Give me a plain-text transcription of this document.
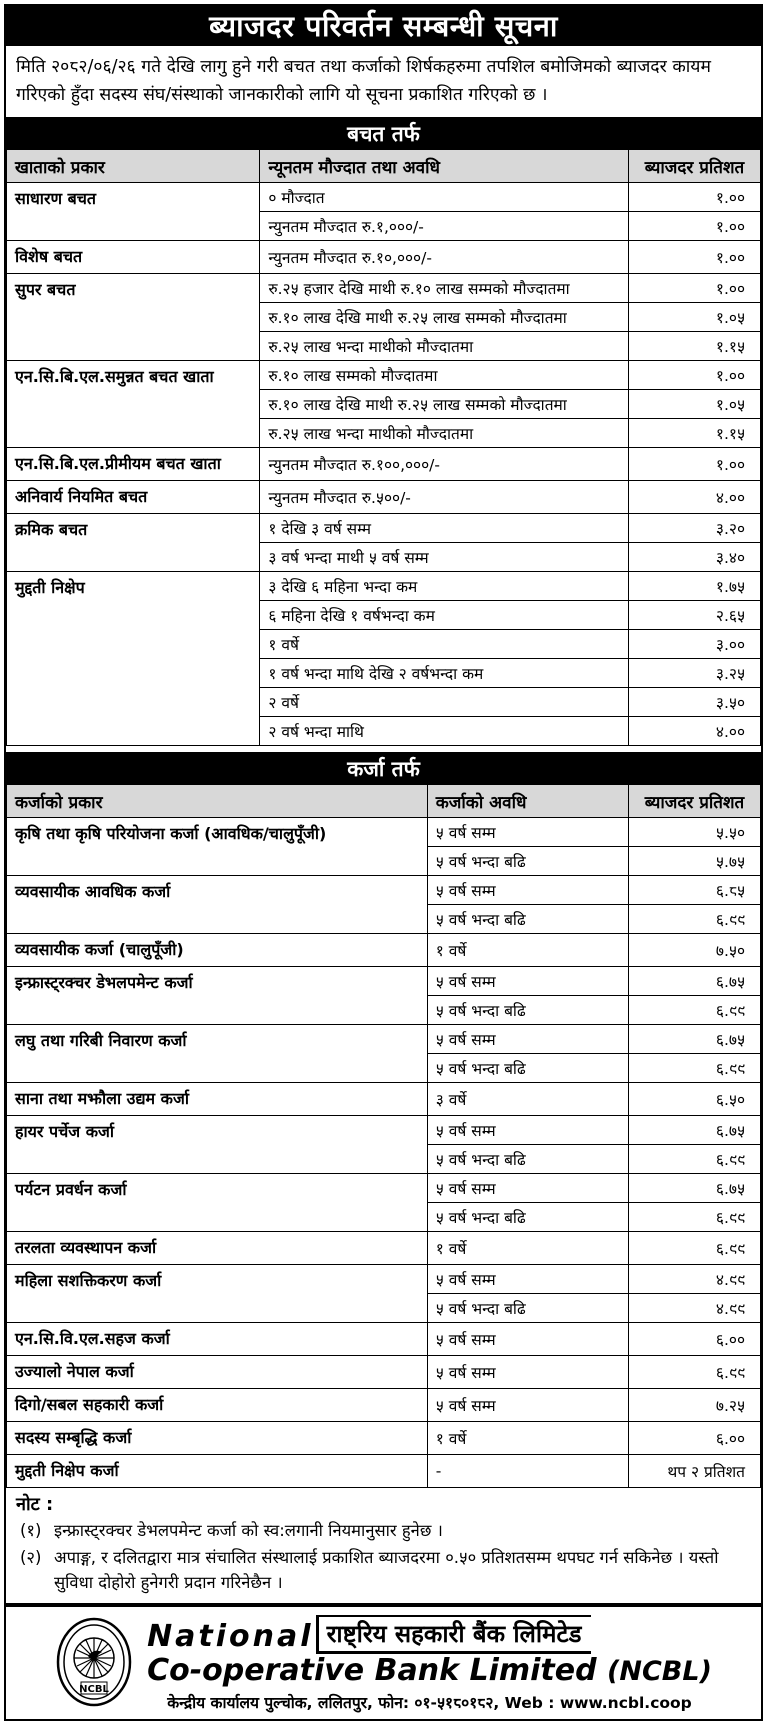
ब्याजदर परिवर्तन सम्बन्धी सूचना
मिति २०८२/०६/२६ गते देखि लागु हुने गरी बचत तथा कर्जाको शिर्षकहरुमा तपशिल बमोजिमको ब्याजदर कायम गरिएको हुँदा सदस्य संघ/संस्थाको जानकारीको लागि यो सूचना प्रकाशित गरिएको छ ।
बचत तर्फ
खाताको प्रकार	न्यूनतम मौज्दात तथा अवधि	ब्याजदर प्रतिशत
साधारण बचत	० मौज्दात	१.००
	न्युनतम मौज्दात रु.१,०००/-	१.००
विशेष बचत	न्युनतम मौज्दात रु.१०,०००/-	१.००
सुपर बचत	रु.२५ हजार देखि माथी रु.१० लाख सम्मको मौज्दातमा	१.००
	रु.१० लाख देखि माथी रु.२५ लाख सम्मको मौज्दातमा	१.०५
	रु.२५ लाख भन्दा माथीको मौज्दातमा	१.१५
एन.सि.बि.एल.समुन्नत बचत खाता	रु.१० लाख सम्मको मौज्दातमा	१.००
	रु.१० लाख देखि माथी रु.२५ लाख सम्मको मौज्दातमा	१.०५
	रु.२५ लाख भन्दा माथीको मौज्दातमा	१.१५
एन.सि.बि.एल.प्रीमीयम बचत खाता	न्युनतम मौज्दात रु.१००,०००/-	१.००
अनिवार्य नियमित बचत	न्युनतम मौज्दात रु.५००/-	४.००
क्रमिक बचत	१ देखि ३ वर्ष सम्म	३.२०
	३ वर्ष भन्दा माथी ५ वर्ष सम्म	३.४०
मुद्दती निक्षेप	३ देखि ६ महिना भन्दा कम	१.७५
	६ महिना देखि १ वर्षभन्दा कम	२.६५
	१ वर्षे	३.००
	१ वर्ष भन्दा माथि देखि २ वर्षभन्दा कम	३.२५
	२ वर्षे	३.५०
	२ वर्ष भन्दा माथि	४.००
कर्जा तर्फ
कर्जाको प्रकार	कर्जाको अवधि	ब्याजदर प्रतिशत
कृषि तथा कृषि परियोजना कर्जा (आवधिक/चालुपूँजी)	५ वर्ष सम्म	५.५०
	५ वर्ष भन्दा बढि	५.७५
व्यवसायीक आवधिक कर्जा	५ वर्ष सम्म	६.८५
	५ वर्ष भन्दा बढि	६.९९
व्यवसायीक कर्जा (चालुपूँजी)	१ वर्षे	७.५०
इन्फ्रास्ट्रक्चर डेभलपमेन्ट कर्जा	५ वर्ष सम्म	६.७५
	५ वर्ष भन्दा बढि	६.९९
लघु तथा गरिबी निवारण कर्जा	५ वर्ष सम्म	६.७५
	५ वर्ष भन्दा बढि	६.९९
साना तथा मझौला उद्यम कर्जा	३ वर्षे	६.५०
हायर पर्चेज कर्जा	५ वर्ष सम्म	६.७५
	५ वर्ष भन्दा बढि	६.९९
पर्यटन प्रवर्धन कर्जा	५ वर्ष सम्म	६.७५
	५ वर्ष भन्दा बढि	६.९९
तरलता व्यवस्थापन कर्जा	१ वर्षे	६.९९
महिला सशक्तिकरण कर्जा	५ वर्ष सम्म	४.९९
	५ वर्ष भन्दा बढि	४.९९
एन.सि.वि.एल.सहज कर्जा	५ वर्ष सम्म	६.००
उज्यालो नेपाल कर्जा	५ वर्ष सम्म	६.९९
दिगो/सबल सहकारी कर्जा	५ वर्ष सम्म	७.२५
सदस्य सम्बृद्धि कर्जा	१ वर्षे	६.००
मुद्दती निक्षेप कर्जा	-	थप २ प्रतिशत
नोट :
(१) इन्फ्रास्ट्रक्चर डेभलपमेन्ट कर्जा को स्व:लगानी नियमानुसार हुनेछ ।
(२) अपाङ्ग, र दलितद्वारा मात्र संचालित संस्थालाई प्रकाशित ब्याजदरमा ०.५० प्रतिशतसम्म थपघट गर्न सकिनेछ । यस्तो सुविधा दोहोरो हुनेगरी प्रदान गरिनेछैन ।
NCBL
National राष्ट्रिय सहकारी बैंक लिमिटेड
Co-operative Bank Limited (NCBL)
केन्द्रीय कार्यालय पुल्चोक, ललितपुर, फोन: ०१-५१८०१८२, Web : www.ncbl.coop
